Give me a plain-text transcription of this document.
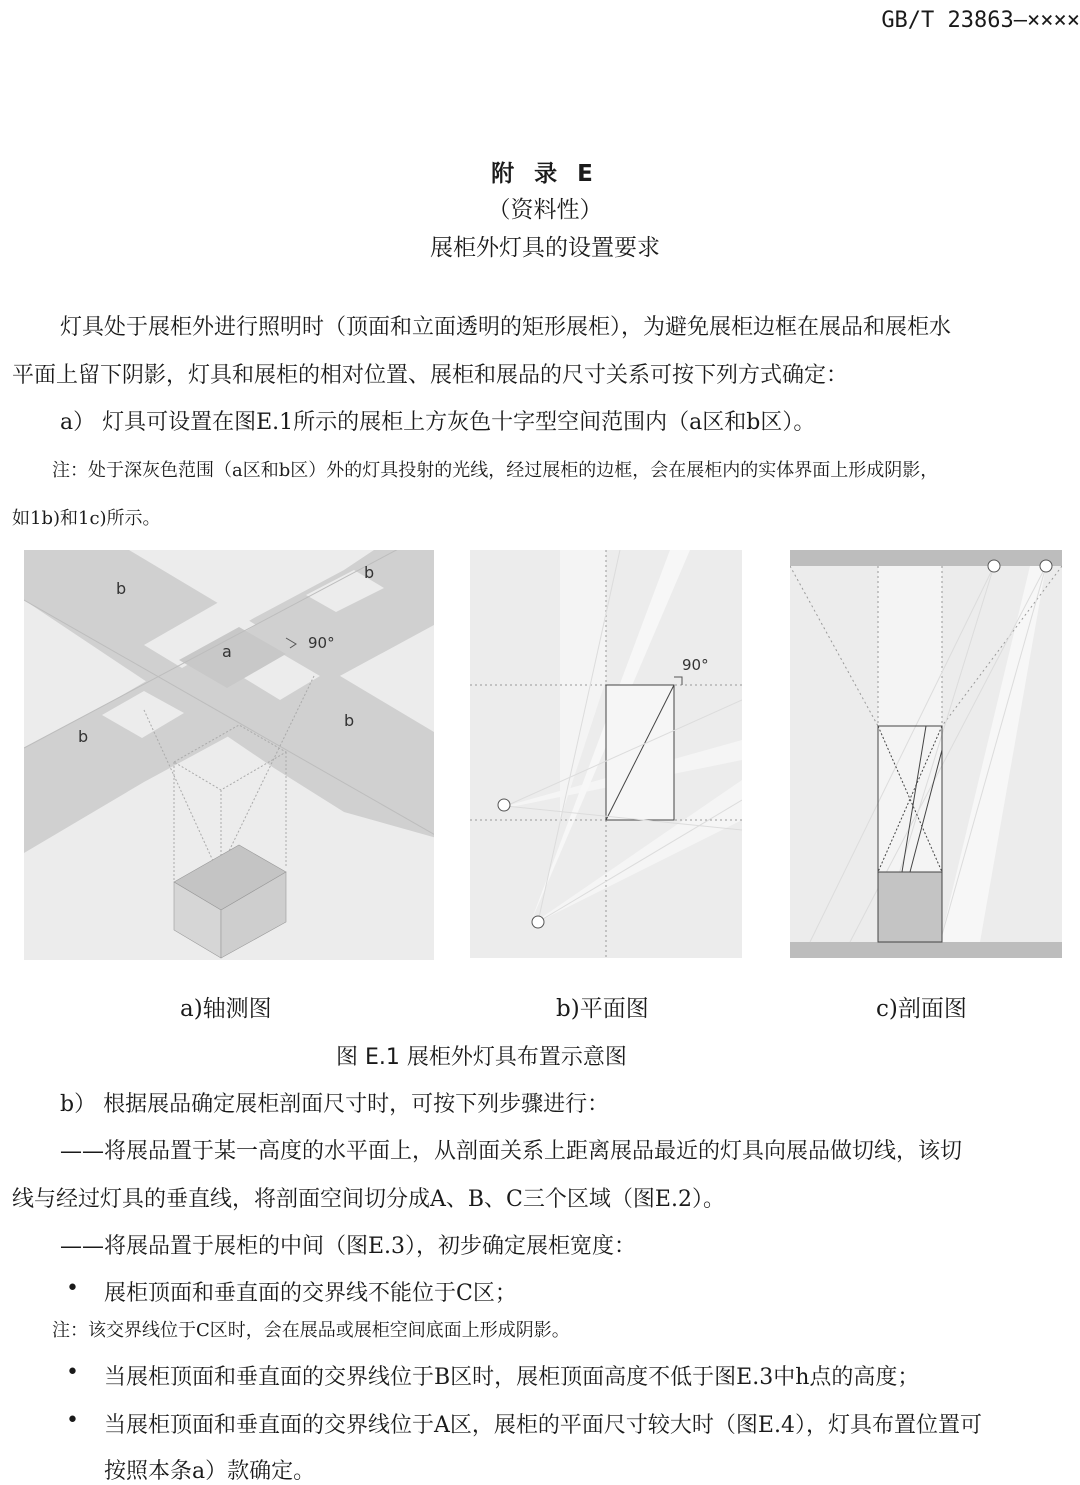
GB/T 23863—××××
附 录 E
（资料性）
展柜外灯具的设置要求
灯具处于展柜外进行照明时（顶面和立面透明的矩形展柜），为避免展柜边框在展品和展柜水
平面上留下阴影，灯具和展柜的相对位置、展柜和展品的尺寸关系可按下列方式确定：
a） 灯具可设置在图E.1所示的展柜上方灰色十字型空间范围内（a区和b区）。
注：处于深灰色范围（a区和b区）外的灯具投射的光线，经过展柜的边框，会在展柜内的实体界面上形成阴影，
如1b)和1c)所示。
b
b
a	90°
b
b
90°
a)轴测图	b)平面图	c)剖面图
图 E.1 展柜外灯具布置示意图
b） 根据展品确定展柜剖面尺寸时，可按下列步骤进行：
——将展品置于某一高度的水平面上，从剖面关系上距离展品最近的灯具向展品做切线，该切
线与经过灯具的垂直线，将剖面空间切分成A、B、C三个区域（图E.2）。
——将展品置于展柜的中间（图E.3），初步确定展柜宽度：
• 展柜顶面和垂直面的交界线不能位于C区；
注：该交界线位于C区时，会在展品或展柜空间底面上形成阴影。
• 当展柜顶面和垂直面的交界线位于B区时，展柜顶面高度不低于图E.3中h点的高度；
• 当展柜顶面和垂直面的交界线位于A区，展柜的平面尺寸较大时（图E.4），灯具布置位置可
按照本条a）款确定。
